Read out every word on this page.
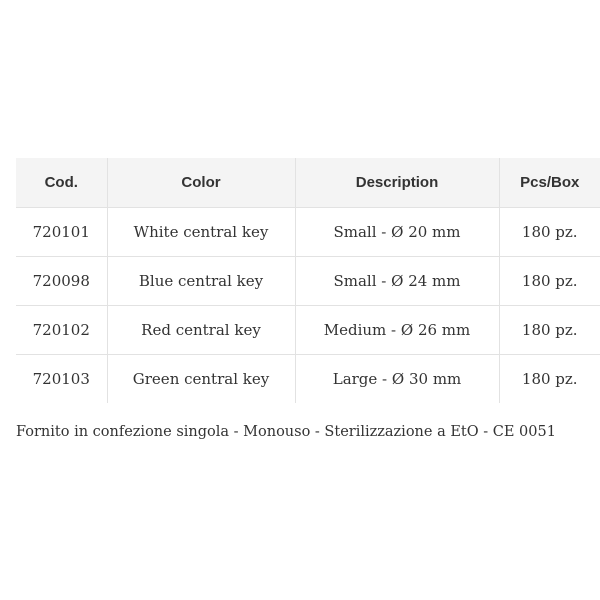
Cod.	Color	Description	Pcs/Box
720101	White central key	Small - Ø 20 mm	180 pz.
720098	Blue central key	Small - Ø 24 mm	180 pz.
720102	Red central key	Medium - Ø 26 mm	180 pz.
720103	Green central key	Large - Ø 30 mm	180 pz.
Fornito in confezione singola - Monouso - Sterilizzazione a EtO - CE 0051
